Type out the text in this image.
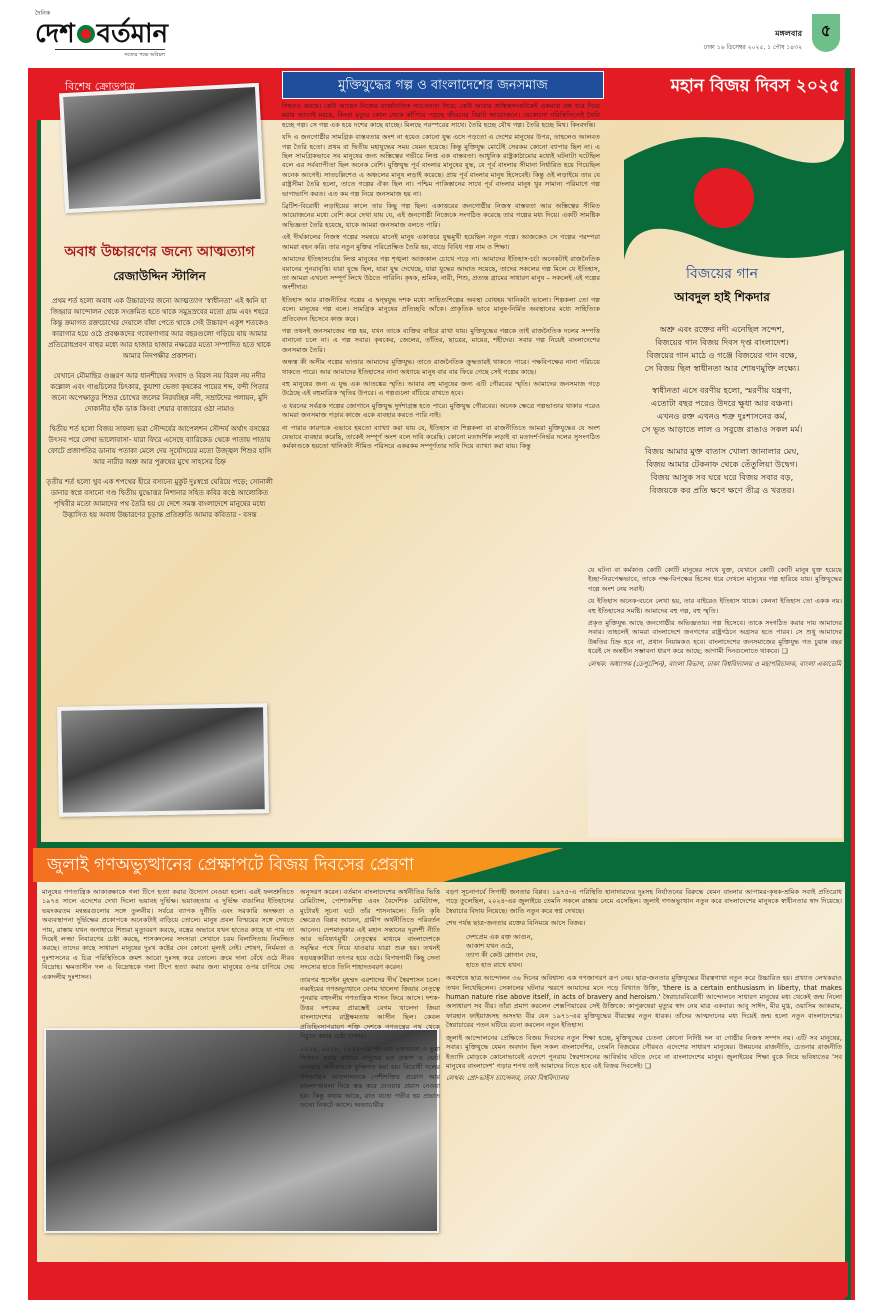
দৈনিক
দেশ বর্তমান
সত্যের পক্ষে অবিচল
মঙ্গলবার
ঢাকা ১৬ ডিসেম্বর ২০২৫, ১ পৌষ ১৪৩২
৫
বিশেষ ক্রোড়পত্র	মহান বিজয় দিবস ২০২৫
অবাধ উচ্চারণের জন্যে আত্মত্যাগ
রেজাউদ্দিন স্টালিন

প্রথম শর্ত হলো অবাধ এক উচ্চারণের জন্যে আত্মত্যাগ 'স্বাধীনতা' এই ধ্বনি যা জিহ্বার আন্দোলন থেকে সংক্রমিত হতে থাকে সমুদ্রস্রবের মতো গ্রাম এবং শহরে কিন্তু ক্রমাগত রক্তচোখের দেয়ালে বাঁধা পেতে থাকে সেই উচ্চারণ একুশ শতকেও কারাগার হয়ে ওঠে প্রবঞ্চকদের গবেষণাগার আর বছরগুলো গড়িয়ে যায় আমার প্রতিরোধপ্রবণ বাহুর মধ্যে আর হাজার হাজার নক্ষত্রের মতো সম্পাদিত হতে থাকে আমার নিদপক্ষীর প্রকাশনা।

যেখানে মৌমাছির গুঞ্জরণ আর ধানশীষের সংবাদ ও বিরল নয় বিরল নয় নদীর কল্লোল এবং গাঙচিলের চিৎকার, কুয়াশা ভেজা কৃষকের পায়ের শব্দ, বন্দী পিতার জন্যে অপেক্ষাতুর শিশুর চোখের জলের নিরবচ্ছিন্ন নদী, সম্রাটদের পলায়ন, মুদি দোকানীর হাঁক ডাক কিংবা শেয়ার বাজারের ওঠা নামাও

দ্বিতীয় শর্ত হলো বিজয় সাফল্য ভরা সৌন্দর্যের আপেলশন সৌন্দর্য অর্থাৎ বসন্তের উৎসব পরে লেখা ভালোবাসা- যারা ফিরে এসেছে ব্যারিকেড থেকে পাতায় পাতায় ফোটে প্রজাপতির ডানায় পতাকা মেলে দেয় সূর্যোদয়ের মতো উজ্জ্বল শিশুর হাসি আর নারীর অশ্রু আর পুরুষের মুখে সাহসের চিহ্ন

তৃতীয় শর্ত হলো খুব এক শপথের হীরে বসানো মুকুট দুঃস্বপ্নে ঘেরিয়ে পড়ে; সোনালী ডানার স্বপ্নে বসানো গণ্ড দ্বিতীয় যুদ্ধোত্তর নিশানার সহিত কবির কণ্ঠে আলোকিত পৃথিবীর মতো আমাদের পথ তৈরি হয় যে দেশে সমস্ত বাংলাদেশে মানুষের মধ্যে উদ্ভাসিত হয় অবাধ উচ্চারণের চূড়ান্ত প্রতিশ্রুতি আমার কবিতার - বসন্ত

মুক্তিযুদ্ধের গল্প ও বাংলাদেশের জনসমাজ

নিহতও করছে। কেউ আছেন নিজের রাজনৈতিক সচেতনতা নিয়ে; কেউ আবার অস্তিত্বসংকটকেই একমাত্র প্রশ্ন ধরে নিয়ে মরার আগেই মরছে, কিংবা মৃত্যুর কোল থেকে কাঁপিয়ে পড়ছে জীবনের বিরাট আয়োজনে। যেকোনো পরিস্থিতিতেই তৈরি হচ্ছে গল্প। সে গল্প এক হয়ে দশের কাছে যাচ্ছে। মিলছে পরস্পরের সাথে। তৈরি হচ্ছে যৌথ গল্প। তৈরি হচ্ছে মিথ। কিংবদন্তি।

যদি এ জনগোষ্ঠীর সামগ্রিক বাস্তবতার অংশ না হয়েও কোনো যুদ্ধ এসে পড়তো এ দেশের মানুষের উপর, তাহলেও আলবত গল্প তৈরি হতো। প্রথম বা দ্বিতীয় মহাযুদ্ধের সময় যেমন হয়েছে। কিন্তু মুক্তিযুদ্ধ মোটেই সেরকম কোনো ব্যাপার ছিল না। এ ছিল সামগ্রিকভাবে সব মানুষের জন্য অস্তিত্বের গভীরে লিপ্ত এক বাস্তবতা। আধুনিক রাষ্ট্রকাঠামোর মধ্যেই ঘটনাটা ঘটেছিল বলে এর সর্বব্যাপীতা ছিল অনেক বেশি। মুক্তিযুদ্ধ পূর্ব বাংলার মানুষের যুদ্ধ, যে পূর্ব বাংলার সীমানা নির্ধারিত হয়ে গিয়েছিল অনেক আগেই। সাতচল্লিশেও এ অঞ্চলের মানুষ লড়াই করেছে। প্রায় পূর্ব বাংলার মানুষ হিসেবেই। কিন্তু ওই লড়াইয়ে তার যে রাষ্ট্রসীমা তৈরি হলো, তাতে গল্পের ঐক্য ছিল না। পশ্চিম পাকিস্তানের সাথে পূর্ব বাংলার মানুষ খুব সামান্য পরিমাণে গল্প ভাগাভাগি করত। এত কম গল্প নিয়ে জনসমাজ হয় না।

ব্রিটিশ-বিরোধী লড়াইয়ের কালে তার কিছু গল্প ছিল। একাত্তরের জনগোষ্ঠীর নিজস্ব বাস্তবতা আর অস্তিত্বের সীমিত আয়োজনের মধ্যে বেশি করে দেখা যায় যে, এই জনগোষ্ঠী নিজেকে সংগঠিত করেছে তার গল্পের মধ্য দিয়ে। একটি সামষ্টিক অভিজ্ঞতা তৈরি হয়েছে, যাকে আমরা জনসমাজ বলতে পারি।

এই দীর্ঘকালের নিজস্ব গল্পের সমন্বয়ে মানেই মানুষ একাত্তরে যুদ্ধমুখী হয়েছিল নতুন গল্পে। আজকেও সে গল্পের পরম্পরা আমরা বহন করি। তার নতুন মুক্তির পরিপ্রেক্ষিত তৈরি হয়, বাড়ে বিবিধ গল্প নাম ও শিক্ষা।

আমাদের ইতিহাসচর্চায় লিপ্ত মানুষের গল্প শৃঙ্খলা আজকাল চোখে পড়ে না। আমাদের ইতিহাস-চর্চা অনেকটাই রাজনৈতিক বয়ানের পুনরাবৃত্তি। যারা যুদ্ধে ছিল, যারা যুদ্ধ দেখেছে, যারা যুদ্ধের আঘাত সয়েছে, তাদের সকলের গল্প মিলে যে ইতিহাস, তা আমরা এখনো সম্পূর্ণ লিখে উঠতে পারিনি। কৃষক, শ্রমিক, নারী, শিশু, প্রত্যন্ত গ্রামের সাধারণ মানুষ – সকলেই এই গল্পের অংশীদার।

ইতিহাস আর রাজনীতির গল্পের এ দ্বন্দ্বযুদ্ধ দশক মধ্যে সাহিত্যশিল্পের অবস্থা বোধহয় খানিকটা ভালো। শিল্পকলা তো গল্প বলে। মানুষের গল্প বলে। সামগ্রিক মানুষের প্রতিচ্ছবি আঁকে। প্রাকৃতিক ভাবে মানুষ-নির্মিত অবস্থানের মধ্যে সাহিত্যিক প্রতিবেদন হিসেবে কাজ করে।

গল্প তথনই জনসমাজের গল্প হয়, যখন তাকে ব্যক্তির বাইরে রাখা যায়। মুক্তিযুদ্ধের গল্পকে তাই রাজনৈতিক দলের সম্পত্তি বানানো চলে না। এ গল্প সবার। কৃষকের, জেলের, তাঁতির, ছাত্রের, মায়ের, শহীদের। সবার গল্প নিয়েই বাংলাদেশের জনসমাজ তৈরি।

অন্ধত্ব কী অসীম গল্পের ভাণ্ডার আমাদের মুক্তিযুদ্ধ। তাতে রাজনৈতিক ক্রুদ্ধতারই থাকতে পারে। পক্ষবিপক্ষের নানা পরিচয়ে থাকতে পারে। আর আমাদের ইতিহাসের নানা অধ্যায়ে মানুষ বার বার ফিরে গেছে সেই গল্পের কাছে।

বহু মানুষের জন্য এ যুদ্ধ এক আতঙ্কের স্মৃতি। আবার বহু মানুষের জন্য এটি গৌরবের স্মৃতি। আমাদের জনসমাজ গড়ে উঠেছে এই বহুমাত্রিক স্মৃতির উপরে। এ গল্পগুলো বাঁচিয়ে রাখতে হবে।

এ ধরনের সর্বত্রক গল্পের জোগানে মুক্তিযুদ্ধ দুর্দশাগ্রস্ত হতে পারে। মুক্তিযুদ্ধ গৌরবের। অনেক ক্ষেত্রে গল্পভাণ্ডার থাকার পরেও আমরা জনসমাজ গড়ার কাজে একে ব্যবহার করতে পারি নাই।

না পারার কারণকে এভাবে হয়তো ব্যাখ্যা করা যায় যে, ইতিহাস বা শিল্পকলা বা রাজনীতিতে আমরা মুক্তিযুদ্ধের যে অংশ যেভাবে ব্যবহার করেছি, তাকেই সম্পূর্ণ অংশ বলে দাবি করেছি। কোনো মতাদর্শিক লড়াই বা মতাদর্শ-নির্ভর দলের সুসংগঠিত কর্মকাণ্ডকে হয়তো খানিকটা সীমিত পরিসরে একরকম সম্পূর্ণতার দাবি দিয়ে ব্যাখ্যা করা যায়। কিন্তু

বিজয়ের গান
আবদুল হাই শিকদার

অশ্রু এবং রক্তের নদী এনেছিল সন্দেশ,
বিজয়ের গান বিজয় দিবস দৃপ্ত বাংলাদেশ।
বিজয়ের গান মাঠে ও গঞ্জে বিজয়ের গান বক্ষে,
সে বিজয় ছিল স্বাধীনতা আর শোষণমুক্তি লক্ষ্যে।

স্বাধীনতা এসে বরণীয় হলো, স্মরণীয় যন্ত্রণা,
এতোটা বছর পরেও উদরে ক্ষুধা আর বঞ্চনা।
এখনও রক্ত এখনও শত্রু দুঃশাসনের কর্ম,
সে ভূত আড়াতে লাল ও সবুজে রাঙাও সকল মর্ম।

বিজয় আমার মুক্ত বাতাস খোলা জানালার মেঘ,
বিজয় আমার টেকনাফ থেকে তেঁতুলিয়া উদ্বেগ।
বিজয় আসুক সব ঘরে ঘরে বিজয় সবার বড়,
বিজয়কে কর প্রতি ক্ষণে ক্ষণে তীব্র ও খরতর।

যে ঘটনা বা কর্মকাণ্ড কোটি কোটি মানুষের সাথে যুক্ত, যেখানে কোটি কোটি মানুষ যুক্ত হয়েছে ইচ্ছা-নিরপেক্ষভাবে, তাকে পক্ষ-বিপক্ষের হিসেব ধরে দেখলে মানুষের গল্প হারিয়ে যায়। মুক্তিযুদ্ধের গল্পে অংশ নেয় সবাই।

যে ইতিহাস অনেক-বচনে লেখা হয়, তার বাইরেও ইতিহাস থাকে। কেননা ইতিহাস তো একক নয়। বহু ইতিহাসের সমষ্টি। আমাদের বহু গল্প, বহু স্মৃতি।

প্রকৃত মুক্তিযুদ্ধ আছে জনগোষ্ঠীর অভিজ্ঞতায়। গল্প হিসেবে। তাকে সংগঠিত করার দায় আমাদের সবার। তাহলেই আমরা বাংলাদেশে জনগণের রাষ্ট্রগঠনে অগ্রসর হতে পারব। সে শুধু আমাদের উন্নতির চিহ্ন হবে না, প্রধান নিয়ামকও হবে। বাংলাদেশের জনসমাজের মুক্তিযুদ্ধ গত চুয়ান্ন বছর ধরেই সে অন্তহীন সম্ভাবনা ধারণ করে আছে; আগামী দিনগুলোতে থাকবে। ❑

লেখক: অধ্যাপক (ডেপুটেশন), বাংলা বিভাগ, ঢাকা বিশ্ববিদ্যালয় ও মহাপরিচালক, বাংলা একাডেমি
জুলাই গণঅভ্যুত্থানের প্রেক্ষাপটে বিজয় দিবসের প্রেরণা

মানুষের গণতান্ত্রিক আকাঙ্ক্ষাকে গলা টিপে হত্যা করার উদ্যোগ নেওয়া হলো। এরই ফলশ্রুতিতে ১৯৭৪ সালে এদেশের দেখা দিলো ভয়াবহ দুর্ভিক্ষ। ভয়াবহতায় এ দুর্ভিক্ষ বাঙালির ইতিহাসের ভয়ংকরতম মন্বন্তরগুলোর সঙ্গে তুলনীয়। সর্বত্রে ব্যাপক দুর্নীতি এবং সরকারি অদক্ষতা ও অব্যবস্থাপনা দুর্ভিক্ষের প্রকোপকে অনেকটাই বাড়িয়ে তোলে। মানুষ প্রবল বিস্ময়ের সঙ্গে দেখতে পায়, রাস্তায় যখন অনাহারে শিশুরা মৃত্যুবরণ করছে, বস্ত্রের অভাবে যখন হাতের কাছে যা পায় তা দিয়েই লজ্জা নিবারণের চেষ্টা করছে, শাসকদলের সদস্যরা সেখানে চরম বিলাসিতায় নিমজ্জিত করছে। তাদের কাছে সাধারণ মানুষের দুঃখ কষ্টের যেন কোনো মূল্যই নেই। শোষণ, নির্মমতা ও দুঃশাসনের এ চিত্র পরিস্থিতিকে ক্রমশ আরো দুঃসহ করে তোলে। ক্রমে দানা বেঁধে ওঠে নীরব বিদ্রোহ। ক্ষমতাসীন দল এ বিদ্রোহকে গলা টিপে হত্যা করার জন্য মানুষের ওপর চাপিয়ে দেয় একদলীয় দুঃশাসন।

অনুসরণ করেন। বর্তমান বাংলাদেশের অর্থনীতির ভিত্তি রেমিট্যান্স, পোশাকশিল্প এবং বৈদেশিক রেমিট্যান্স, মুটোরই সূচনা ঘটে তাঁর শাসনামলে। তিনি কৃষি ক্ষেত্রেও বিপ্লব আনেন, গ্রামীণ অর্থনীতিতে পরিবর্তন আনেন। দেশমাতৃকার এই মহান সন্তানের দূরদর্শী নীতি আর ভবিষ্যৎমুখী নেতৃত্বের মাধ্যমে বাংলাদেশকে সমৃদ্ধির পথে নিয়ে যাওয়ার যাত্রা শুরু হয়। তখনই ষড়যন্ত্রকারীরা তৎপর হয়ে ওঠে। বিপথগামী কিছু সেনা সদস্যের হাতে তিনি শাহাদতবরণ করেন।

তারপর হুসেইন মুহম্মদ এরশাদের দীর্ঘ স্বৈরশাসন চলে। নব্বইয়ের গণঅভ্যুত্থানে বেগম খালেদা জিয়ার নেতৃত্বে পুনরায় বহুদলীয় গণতান্ত্রিক শাসন ফিরে আসে। দশক-উত্তর দশকের প্রারম্ভেই বেগম খালেদা জিয়া বাংলাদেশের রাষ্ট্রক্ষমতায় আসীন ছিল। কেবল প্রতিহিংসাপরায়ণ শক্তি দেশকে গণতন্ত্রের পথ থেকে বিচ্যুত করার চেষ্টা চালায়।

২০১৪, ২০১৮, ২০২৪-এর পর এক একতরফা ও ভুয়া নির্বাচন করার মাধ্যমে মানুষের মত প্রকাশ ও ভোট দেওয়ার অধিকারকে কুক্ষিগত করা হয়। বিরোধী দলের গণতান্ত্রিক আন্দোলনকে পেশীশক্তির প্রয়োগ আর মামলা-হামলা দিয়ে স্তব্ধ করে দেওয়ার প্রয়াস নেওয়া হয়। কিন্তু কথায় আছে, রাত যতো গভীর হয় প্রভাত ততো নিকটে আসে। অত্যাচারীর

বড়ণ সূচনাপর্বে সিপাহী জনতার বিপ্লব। ১৯৭৫-এ পরিস্থিতি হানাদারদের দুঃসহ নির্যাতনের বিরুদ্ধে যেমন বাংলার আপামর-কৃষক-শ্রমিক সবাই প্রতিরোধ গড়ে তুলেছিল, ২০২৪-এর জুলাইয়ে তেমনি সকলে রাস্তায় নেমে এসেছিল। জুলাই গণঅভ্যুত্থান নতুন করে বাংলাদেশের মানুষকে স্বাধীনতার স্বাদ দিয়েছে। স্বৈরাচার বিদায় নিয়েছে। জাতি নতুন করে স্বপ্ন দেখছে।

শেষ পর্যন্ত ছাত্র-জনতার রক্তের বিনিময়ে আসে বিজয়।

দেশপ্রেম এক রক্ত আগুন,
আকাশ যখন ওঠে,
ত্যাগ কী কেউ শ্লোগান দেয়,
হাতে হাত রাখে যখন।

অবশেষে ছাত্র আন্দোলন ৩৬ দিনের অবিশ্বাস্য এক গণজাগরণ রূপ নেয়। ছাত্র-জনতার মুক্তিযুদ্ধের বীরত্বগাথা নতুন করে উচ্চারিত হয়। প্রখ্যাত লেখকরাও তখন লিখেছিলেন। সেকালের ঘটনার স্মরণে আমাদের মনে পড়ে বিখ্যাত উক্তি, 'there is a certain enthusiasm in liberty, that makes human nature rise above itself, in acts of bravery and heroism.' স্বৈরাচারবিরোধী আন্দোলনে সাধারণ মানুষের মধ্য থেকেই জন্ম নিলো অসাধারণ সব বীর। তাঁরা প্রমাণ করলেন শেক্সপিয়ারের সেই উক্তিকে: কাপুরুষেরা মৃত্যুর স্বাদ নেয় মাত্র একবার। আবু সাঈদ, মীর মুগ্ধ, ওয়াসিম আকরাম, ফারহান ফাইয়াজসহ অসংখ্য বীর যেন ১৯৭১-এর মুক্তিযুদ্ধের বীরত্বের নতুন ধারক। তাঁদের আত্মদানের মধ্য দিয়েই জন্ম হলো নতুন বাংলাদেশের। স্বৈরাচারের পতন ঘটিয়ে রচনা করলেন নতুন ইতিহাস।

জুলাই আন্দোলনের প্রেক্ষিতে বিজয় দিবসের নতুন শিক্ষা হচ্ছে, মুক্তিযুদ্ধের চেতনা কোনো নির্দিষ্ট দল বা গোষ্ঠীর নিজস্ব সম্পদ নয়। এটি সব মানুষের, সবার। মুক্তিযুদ্ধে যেমন অবদান ছিল সকল বাংলাদেশির, তেমনি বিজয়ের গৌরবও এদেশের সাধারণ মানুষের। উন্নয়নের রাজনীতি, চেতনার রাজনীতি ইত্যাদি মোড়কে কোনোভাবেই এদেশে পুনরায় স্বৈরশাসনের আবির্ভাব ঘটতে দেবে না বাংলাদেশের মানুষ। জুলাইয়ের শিক্ষা বুকে নিয়ে ভবিষ্যতের 'সব মানুষের বাংলাদেশ' গড়ার শপথ তাই আমাদের নিতে হবে এই বিজয় দিবসেই। ❑

লেখক: প্রো-ভাইস চ্যান্সেলর, ঢাকা বিশ্ববিদ্যালয়
